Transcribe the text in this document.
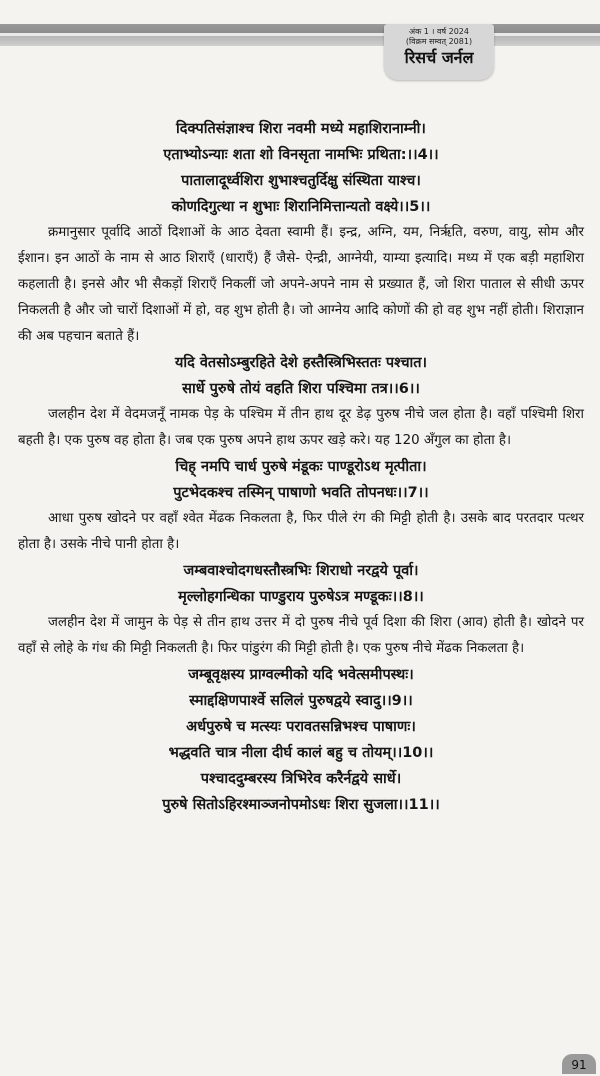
अंक 1 । वर्ष 2024
(विक्रम सम्वत् 2081)
रिसर्च जर्नल

दिक्पतिसंज्ञाश्च शिरा नवमी मध्ये महाशिरानाम्नी।

एताभ्योऽन्याः शता शो विनसृता नामभिः प्रथिता:।।4।।

पातालादूर्ध्वशिरा शुभाश्चतुर्दिक्षु संस्थिता याश्च।

कोणदिगुत्था न शुभाः शिरानिमित्तान्यतो वक्ष्ये।।5।।

क्रमानुसार पूर्वादि आठों दिशाओं के आठ देवता स्वामी हैं। इन्द्र, अग्नि, यम, निर्ऋति, वरुण, वायु, सोम और ईशान। इन आठों के नाम से आठ शिराएँ (धाराएँ) हैं जैसे- ऐन्द्री, आग्नेयी, याम्या इत्यादि। मध्य में एक बड़ी महाशिरा कहलाती है। इनसे और भी सैकड़ों शिराएँ निकलीं जो अपने-अपने नाम से प्रख्यात हैं, जो शिरा पाताल से सीधी ऊपर निकलती है और जो चारों दिशाओं में हो, वह शुभ होती है। जो आग्नेय आदि कोणों की हो वह शुभ नहीं होती। शिराज्ञान की अब पहचान बताते हैं।

यदि वेतसोऽम्बुरहिते देशे हस्तैस्त्रिभिस्ततः पश्चात।

सार्धे पुरुषे तोयं वहति शिरा पश्चिमा तत्र।।6।।

जलहीन देश में वेदमजनूँ नामक पेड़ के पश्चिम में तीन हाथ दूर डेढ़ पुरुष नीचे जल होता है। वहाँ पश्चिमी शिरा बहती है। एक पुरुष वह होता है। जब एक पुरुष अपने हाथ ऊपर खड़े करे। यह 120 अँगुल का होता है।

चिह् नमपि चार्ध पुरुषे मंडूकः पाण्डूरोऽथ मृत्पीता।

पुटभेदकश्च तस्मिन् पाषाणो भवति तोपनधः।।7।।

आधा पुरुष खोदने पर वहाँ श्वेत मेंढक निकलता है, फिर पीले रंग की मिट्टी होती है। उसके बाद परतदार पत्थर होता है। उसके नीचे पानी होता है।

जम्बवाश्चोदगधस्तौस्त्रभिः शिराधो नरद्वये पूर्वा।

मृल्लोहगन्धिका पाण्डुराय पुरुषेऽत्र मण्डूकः।।8।।

जलहीन देश में जामुन के पेड़ से तीन हाथ उत्तर में दो पुरुष नीचे पूर्व दिशा की शिरा (आव) होती है। खोदने पर वहाँ से लोहे के गंध की मिट्टी निकलती है। फिर पांडुरंग की मिट्टी होती है। एक पुरुष नीचे मेंढक निकलता है।

जम्बूवृक्षस्य प्राग्वल्मीको यदि भवेत्समीपस्थः।

स्माद्दक्षिणपार्श्वे सलिलं पुरुषद्वये स्वादु।।9।।

अर्धपुरुषे च मत्स्यः परावतसन्निभश्च पाषाणः।

भद्धवति चात्र नीला दीर्घ कालं बहु च तोयम्।।10।।

पश्चाददुम्बरस्य त्रिभिरेव करैर्नद्वये सार्धे।

पुरुषे सितोऽहिरश्माञ्जनोपमोऽधः शिरा सुजला।।11।।

91
